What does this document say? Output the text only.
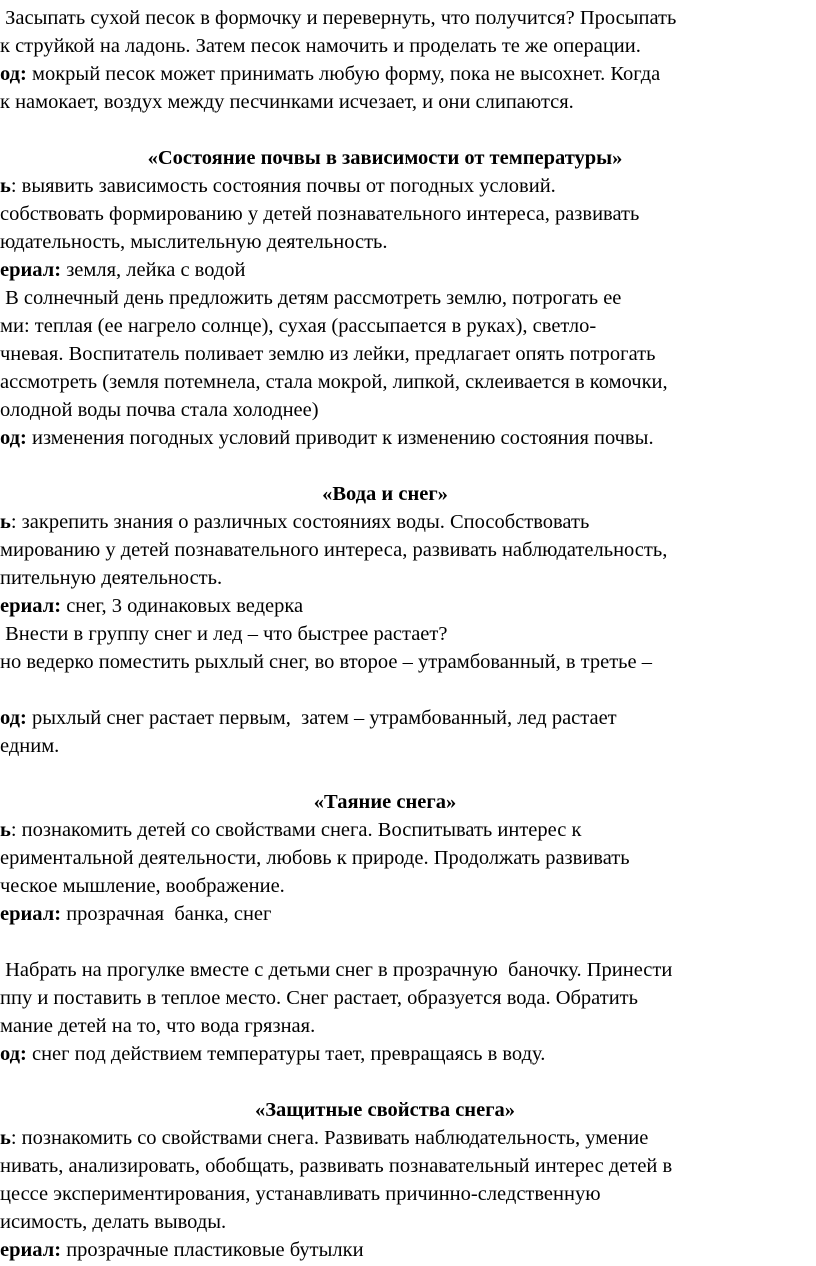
Засыпать сухой песок в формочку и перевернуть, что получится? Просыпать
к струйкой на ладонь. Затем песок намочить и проделать те же операции.
од: мокрый песок может принимать любую форму, пока не высохнет. Когда
к намокает, воздух между песчинками исчезает, и они слипаются.
«Состояние почвы в зависимости от температуры»
ь: выявить зависимость состояния почвы от погодных условий.
собствовать формированию у детей познавательного интереса, развивать
юдательность, мыслительную деятельность.
ериал: земля, лейка с водой
В солнечный день предложить детям рассмотреть землю, потрогать ее
ми: теплая (ее нагрело солнце), сухая (рассыпается в руках), светло-
чневая. Воспитатель поливает землю из лейки, предлагает опять потрогать
ассмотреть (земля потемнела, стала мокрой, липкой, склеивается в комочки,
олодной воды почва стала холоднее)
од: изменения погодных условий приводит к изменению состояния почвы.
«Вода и снег»
ь: закрепить знания о различных состояниях воды. Способствовать
мированию у детей познавательного интереса, развивать наблюдательность,
пительную деятельность.
ериал: снег, 3 одинаковых ведерка
Внести в группу снег и лед – что быстрее растает?
но ведерко поместить рыхлый снег, во второе – утрамбованный, в третье –
од: рыхлый снег растает первым,  затем – утрамбованный, лед растает
едним.
«Таяние снега»
ь: познакомить детей со свойствами снега. Воспитывать интерес к
ериментальной деятельности, любовь к природе. Продолжать развивать
ческое мышление, воображение.
ериал: прозрачная  банка, снег
Набрать на прогулке вместе с детьми снег в прозрачную  баночку. Принести
ппу и поставить в теплое место. Снег растает, образуется вода. Обратить
мание детей на то, что вода грязная.
од: снег под действием температуры тает, превращаясь в воду.
«Защитные свойства снега»
ь: познакомить со свойствами снега. Развивать наблюдательность, умение
нивать, анализировать, обобщать, развивать познавательный интерес детей в
цессе экспериментирования, устанавливать причинно-следственную
исимость, делать выводы.
ериал: прозрачные пластиковые бутылки
